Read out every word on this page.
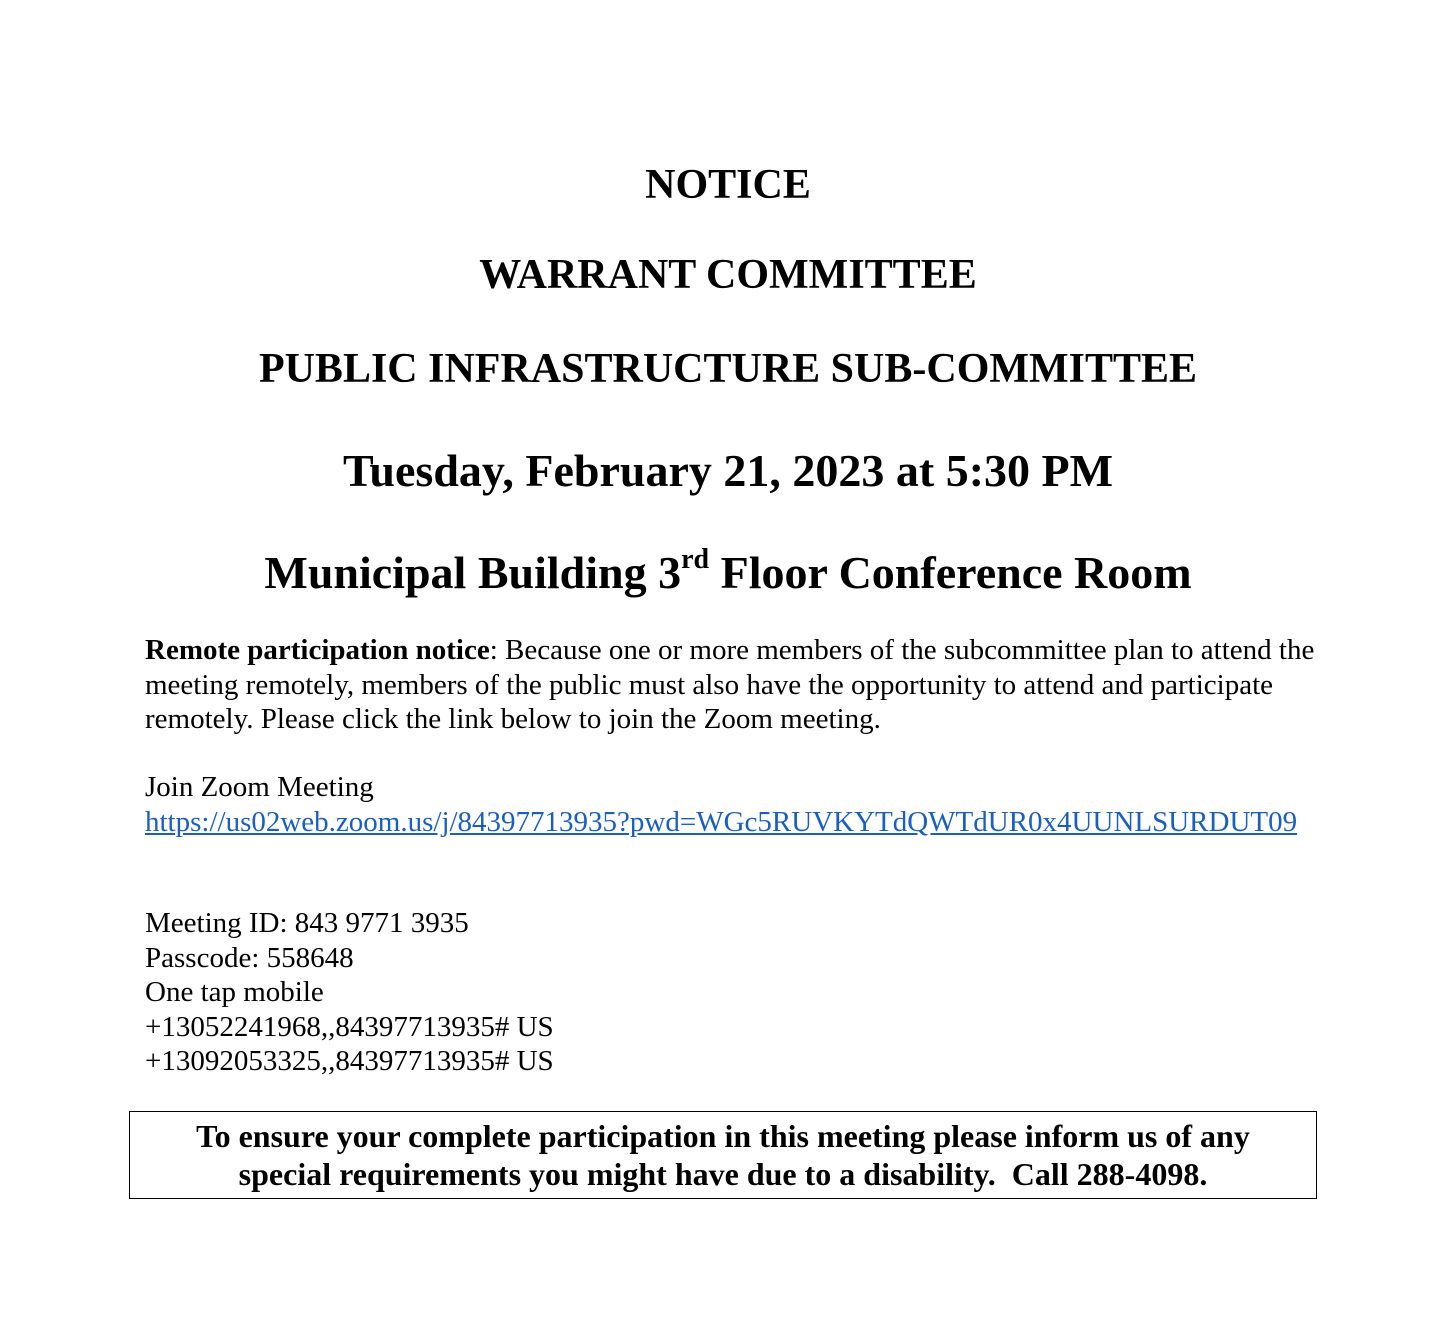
NOTICE
WARRANT COMMITTEE
PUBLIC INFRASTRUCTURE SUB-COMMITTEE
Tuesday, February 21, 2023 at 5:30 PM
Municipal Building 3rd Floor Conference Room
Remote participation notice: Because one or more members of the subcommittee plan to attend the meeting remotely, members of the public must also have the opportunity to attend and participate remotely. Please click the link below to join the Zoom meeting.
Join Zoom Meeting
https://us02web.zoom.us/j/84397713935?pwd=WGc5RUVKYTdQWTdUR0x4UUNLSURDUT09
Meeting ID: 843 9771 3935
Passcode: 558648
One tap mobile
+13052241968,,84397713935# US
+13092053325,,84397713935# US
To ensure your complete participation in this meeting please inform us of any
special requirements you might have due to a disability.  Call 288-4098.
